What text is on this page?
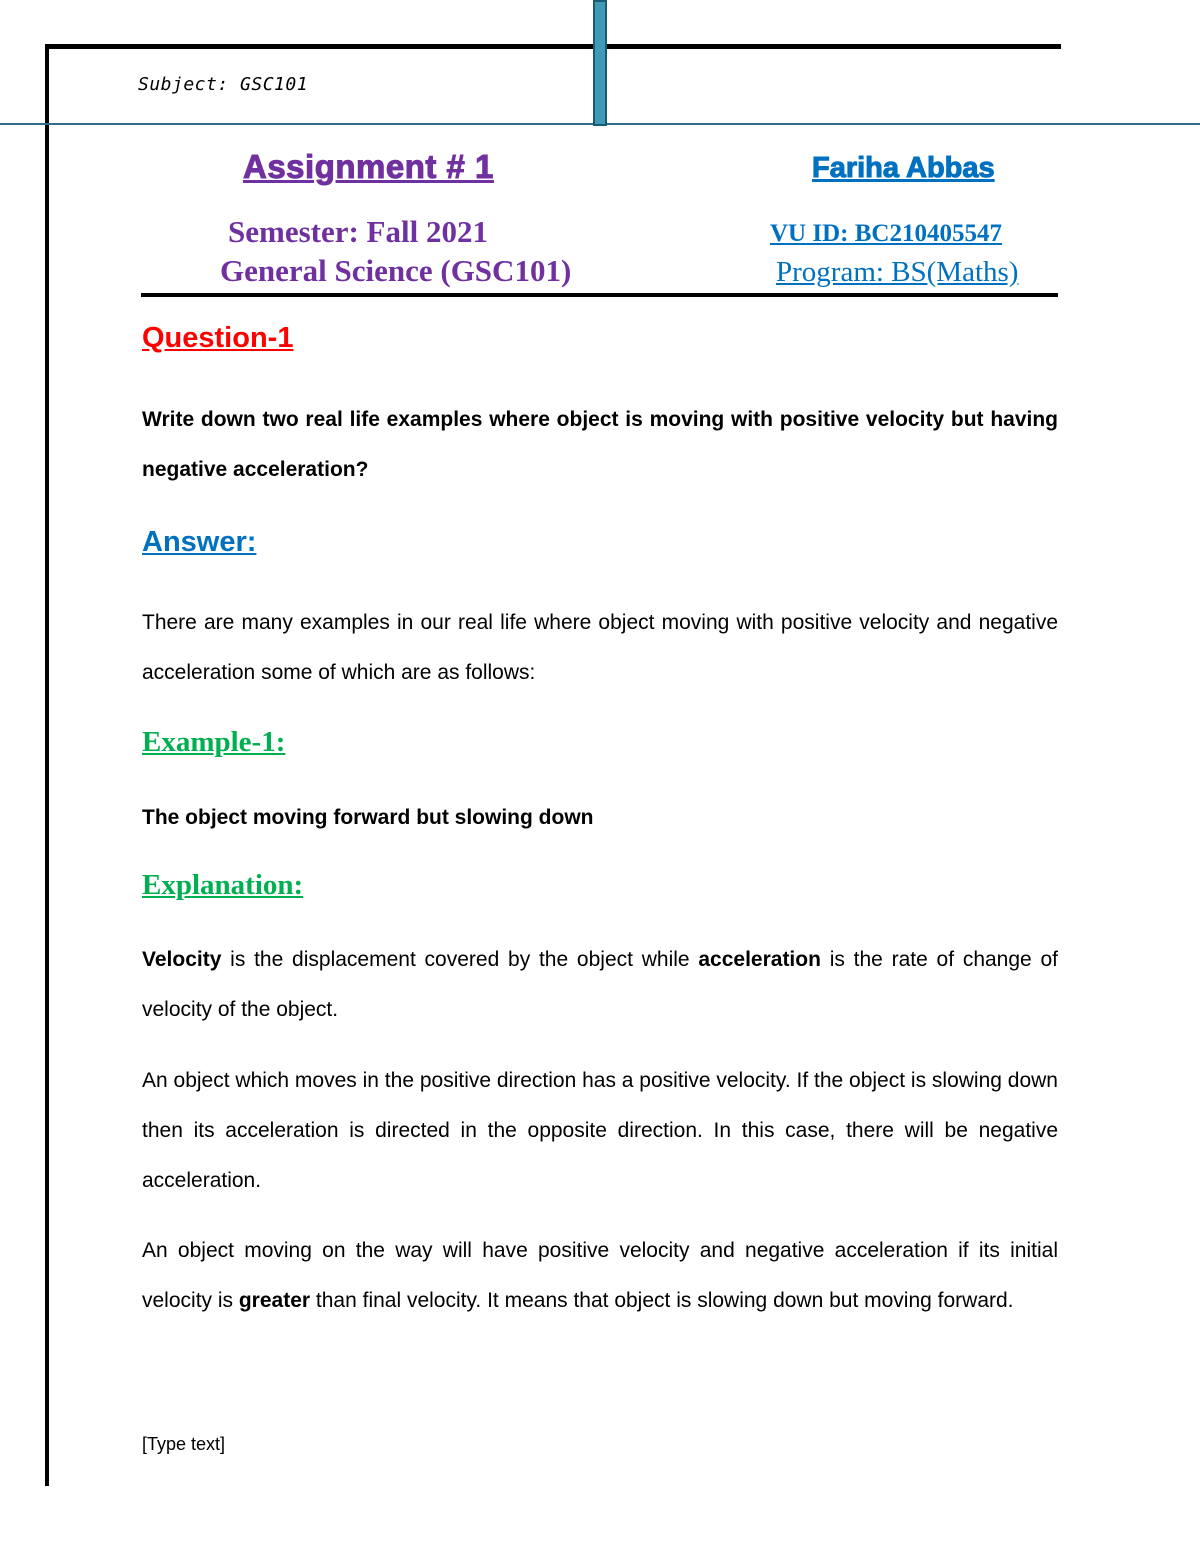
Subject: GSC101
Assignment # 1	Fariha Abbas
Semester: Fall 2021
General Science (GSC101)
VU ID: BC210405547
Program: BS(Maths)
Question-1
Write down two real life examples where object is moving with positive velocity but having negative acceleration?
Answer:
There are many examples in our real life where object moving with positive velocity and negative acceleration some of which are as follows:
Example-1:
The object moving forward but slowing down
Explanation:
Velocity is the displacement covered by the object while acceleration is the rate of change of velocity of the object.
An object which moves in the positive direction has a positive velocity. If the object is slowing down then its acceleration is directed in the opposite direction. In this case, there will be negative acceleration.
An object moving on the way will have positive velocity and negative acceleration if its initial velocity is greater than final velocity. It means that object is slowing down but moving forward.
[Type text]
